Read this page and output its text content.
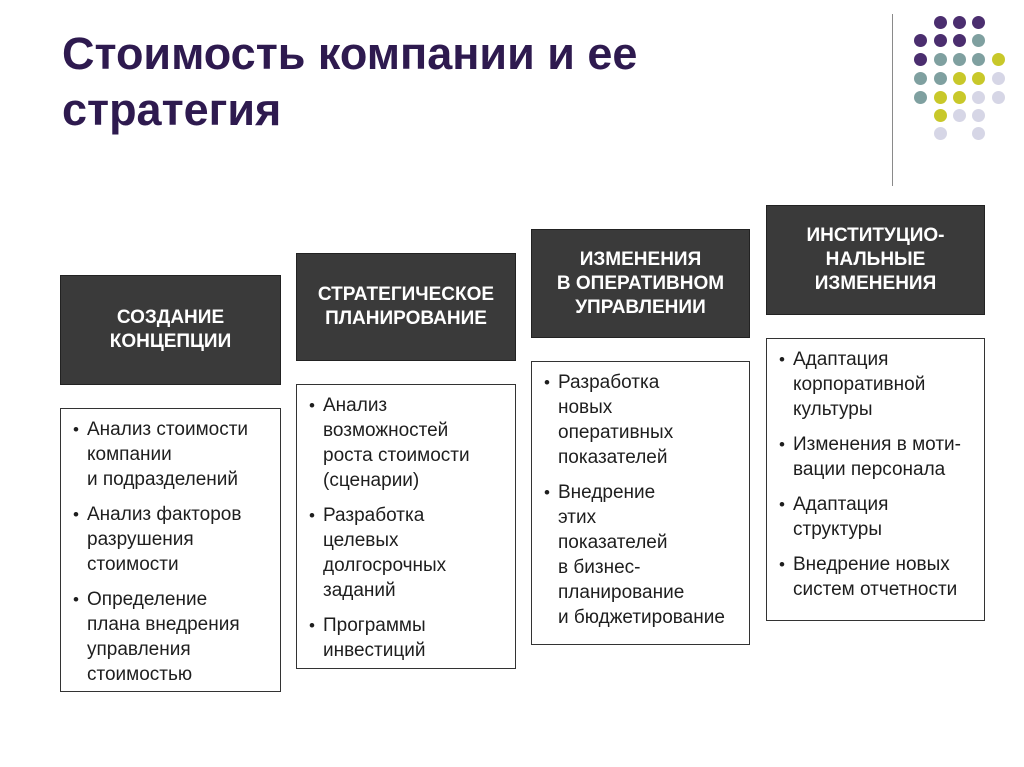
Стоимость компании и ее
стратегия
СОЗДАНИЕ
КОНЦЕПЦИИ
• Анализ стоимости
компании
и подразделений
• Анализ факторов
разрушения
стоимости
• Определение
плана внедрения
управления
стоимостью
СТРАТЕГИЧЕСКОЕ
ПЛАНИРОВАНИЕ
• Анализ
возможностей
роста стоимости
(сценарии)
• Разработка
целевых
долгосрочных
заданий
• Программы
инвестиций
ИЗМЕНЕНИЯ
В ОПЕРАТИВНОМ
УПРАВЛЕНИИ
• Разработка
новых
оперативных
показателей
• Внедрение
этих
показателей
в бизнес-
планирование
и бюджетирование
ИНСТИТУЦИО-
НАЛЬНЫЕ
ИЗМЕНЕНИЯ
• Адаптация
корпоративной
культуры
• Изменения в моти-
вации персонала
• Адаптация
структуры
• Внедрение новых
систем отчетности
